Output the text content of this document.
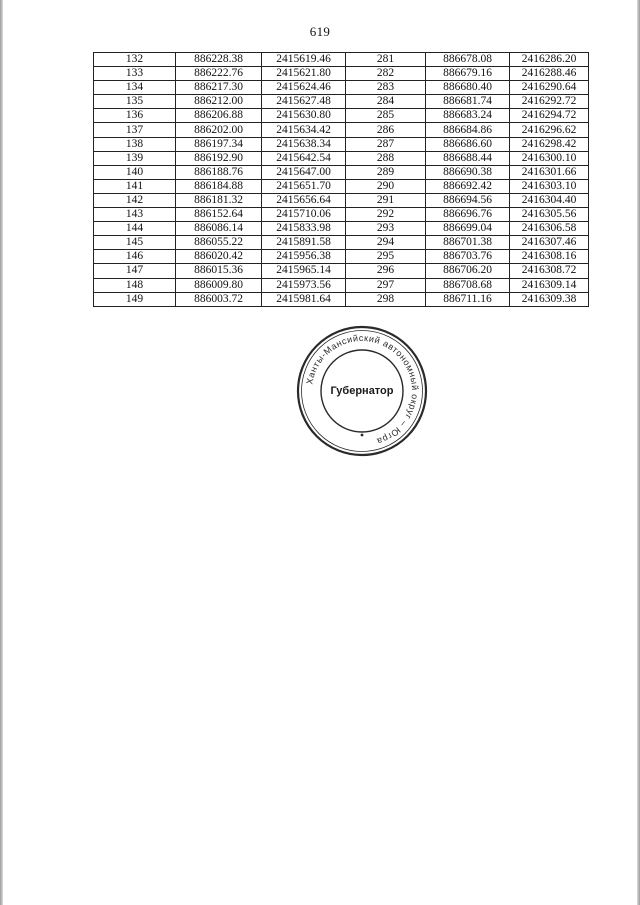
619
132	886228.38	2415619.46	281	886678.08	2416286.20
133	886222.76	2415621.80	282	886679.16	2416288.46
134	886217.30	2415624.46	283	886680.40	2416290.64
135	886212.00	2415627.48	284	886681.74	2416292.72
136	886206.88	2415630.80	285	886683.24	2416294.72
137	886202.00	2415634.42	286	886684.86	2416296.62
138	886197.34	2415638.34	287	886686.60	2416298.42
139	886192.90	2415642.54	288	886688.44	2416300.10
140	886188.76	2415647.00	289	886690.38	2416301.66
141	886184.88	2415651.70	290	886692.42	2416303.10
142	886181.32	2415656.64	291	886694.56	2416304.40
143	886152.64	2415710.06	292	886696.76	2416305.56
144	886086.14	2415833.98	293	886699.04	2416306.58
145	886055.22	2415891.58	294	886701.38	2416307.46
146	886020.42	2415956.38	295	886703.76	2416308.16
147	886015.36	2415965.14	296	886706.20	2416308.72
148	886009.80	2415973.56	297	886708.68	2416309.14
149	886003.72	2415981.64	298	886711.16	2416309.38
Ханты-Мансийский автономный округ – Югра
Губернатор
